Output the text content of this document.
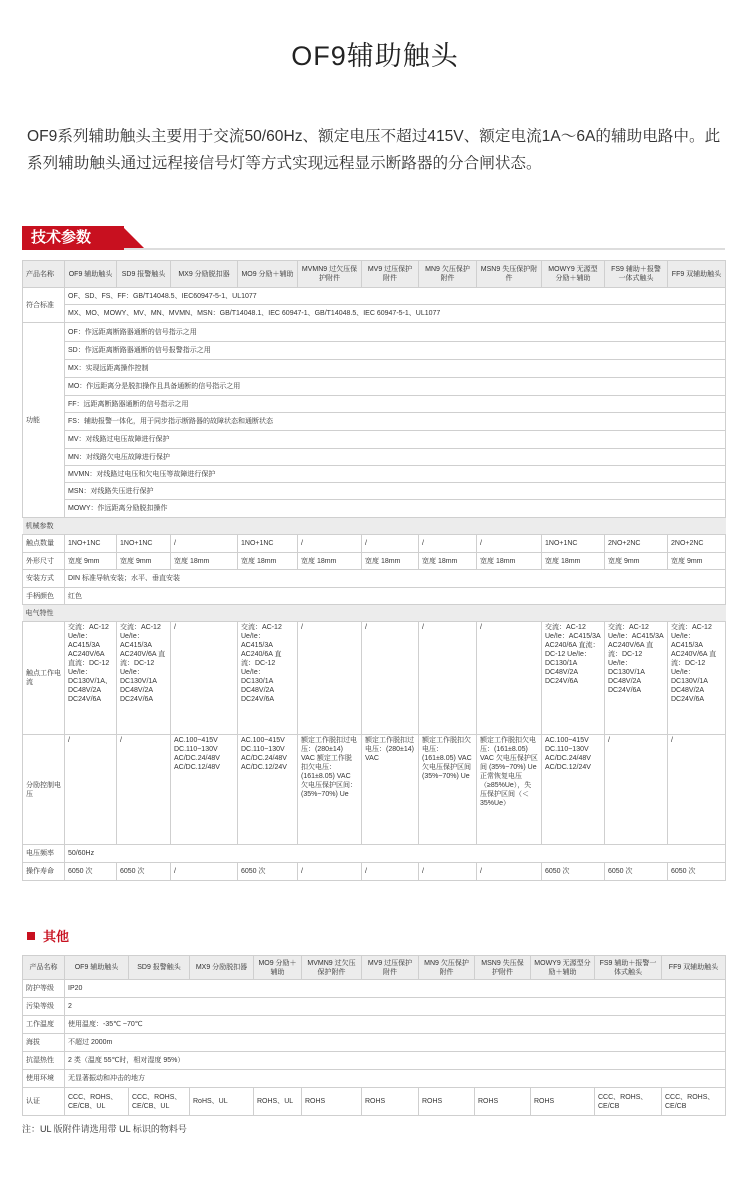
OF9辅助触头
OF9系列辅助触头主要用于交流50/60Hz、额定电压不超过415V、额定电流1A～6A的辅助电路中。此系列辅助触头通过远程接信号灯等方式实现远程显示断路器的分合闸状态。
技术参数
产品名称	OF9 辅助触头	SD9 报警触头	MX9 分励脱扣器	MO9 分励＋辅助	MVMN9 过欠压保护附件	MV9 过压保护附件	MN9 欠压保护附件	MSN9 失压保护附件	MOWY9 无源型分励＋辅助	FS9 辅助＋报警一体式触头	FF9 双辅助触头
符合标准	OF、SD、FS、FF：GB/T14048.5、IEC60947-5-1、UL1077										
	MX、MO、MOWY、MV、MN、MVMN、MSN：GB/T14048.1、IEC 60947-1、GB/T14048.5、IEC 60947-5-1、UL1077										
功能	OF：作远距离断路器通断的信号指示之用										
	SD：作远距离断路器通断的信号报警指示之用										
	MX：实现远距离操作控制										
	MO：作远距离分是脱扣操作且具备通断的信号指示之用										
	FF：远距离断路器通断的信号指示之用										
	FS：辅助报警一体化，用于同步指示断路器的故障状态和通断状态										
	MV：对线路过电压故障进行保护										
	MN：对线路欠电压故障进行保护										
	MVMN：对线路过电压和欠电压等故障进行保护										
	MSN：对线路失压进行保护										
	MOWY：作远距离分励脱扣操作										
机械参数											
触点数量	1NO+1NC	1NO+1NC	/	1NO+1NC	/	/	/	/	1NO+1NC	2NO+2NC	2NO+2NC
外形尺寸	宽度 9mm	宽度 9mm	宽度 18mm	宽度 18mm	宽度 18mm	宽度 18mm	宽度 18mm	宽度 18mm	宽度 18mm	宽度 9mm	宽度 9mm
安装方式	DIN 标准导轨安装；水平、垂直安装										
手柄颜色	红色										
电气特性											
触点工作电流	交流：AC-12 Ue/Ie：AC415/3A AC240V/6A 直流：DC-12 Ue/Ie：DC130V/1A、DC48V/2A DC24V/6A	交流：AC-12 Ue/Ie：AC415/3A AC240V/6A 直流：DC-12 Ue/Ie：DC130V/1A DC48V/2A DC24V/6A	/	交流：AC-12 Ue/Ie：AC415/3A AC240/6A 直流：DC-12 Ue/Ie：DC130/1A DC48V/2A DC24V/6A	/	/	/	/	交流：AC-12 Ue/Ie：AC415/3A AC240/6A 直流：DC-12 Ue/Ie：DC130/1A DC48V/2A DC24V/6A	交流：AC-12 Ue/Ie：AC415/3A AC240V/6A 直流：DC-12 Ue/Ie：DC130V/1A DC48V/2A DC24V/6A	交流：AC-12 Ue/Ie：AC415/3A AC240V/6A 直流：DC-12 Ue/Ie：DC130V/1A DC48V/2A DC24V/6A
分励控制电压	/	/	AC.100~415V DC.110~130V AC/DC.24/48V AC/DC.12/48V	AC.100~415V DC.110~130V AC/DC.24/48V AC/DC.12/24V	额定工作脱扣过电压：(280±14) VAC 额定工作脱扣欠电压：(161±8.05) VAC 欠电压保护区间：(35%~70%) Ue	额定工作脱扣过电压：(280±14) VAC	额定工作脱扣欠电压：(161±8.05) VAC 欠电压保护区间 (35%~70%) Ue	额定工作脱扣欠电压：(161±8.05) VAC 欠电压保护区间 (35%~70%) Ue 正常恢复电压（≥85%Ue），失压保护区间（＜35%Ue）	AC.100~415V DC.110~130V AC/DC.24/48V AC/DC.12/24V	/	/
电压频率	50/60Hz										
操作寿命	6050 次	6050 次	/	6050 次	/	/	/	/	6050 次	6050 次	6050 次
其他
产品名称	OF9 辅助触头	SD9 报警触头	MX9 分励脱扣器	MO9 分励＋辅助	MVMN9 过欠压保护附件	MV9 过压保护附件	MN9 欠压保护附件	MSN9 失压保护附件	MOWY9 无源型分励＋辅助	FS9 辅助＋报警一体式触头	FF9 双辅助触头
防护等级	IP20										
污染等级	2										
工作温度	使用温度：-35℃ ~70℃										
海拔	不超过 2000m										
抗湿热性	2 类（温度 55℃时，相对湿度 95%）										
使用环境	无显著振动和冲击的地方										
认证	CCC、ROHS、CE/CB、UL	CCC、ROHS、CE/CB、UL	RoHS、UL	ROHS、UL	ROHS	ROHS	ROHS	ROHS	ROHS	CCC、ROHS、CE/CB	CCC、ROHS、CE/CB
注：UL 版附件请选用带 UL 标识的物料号
